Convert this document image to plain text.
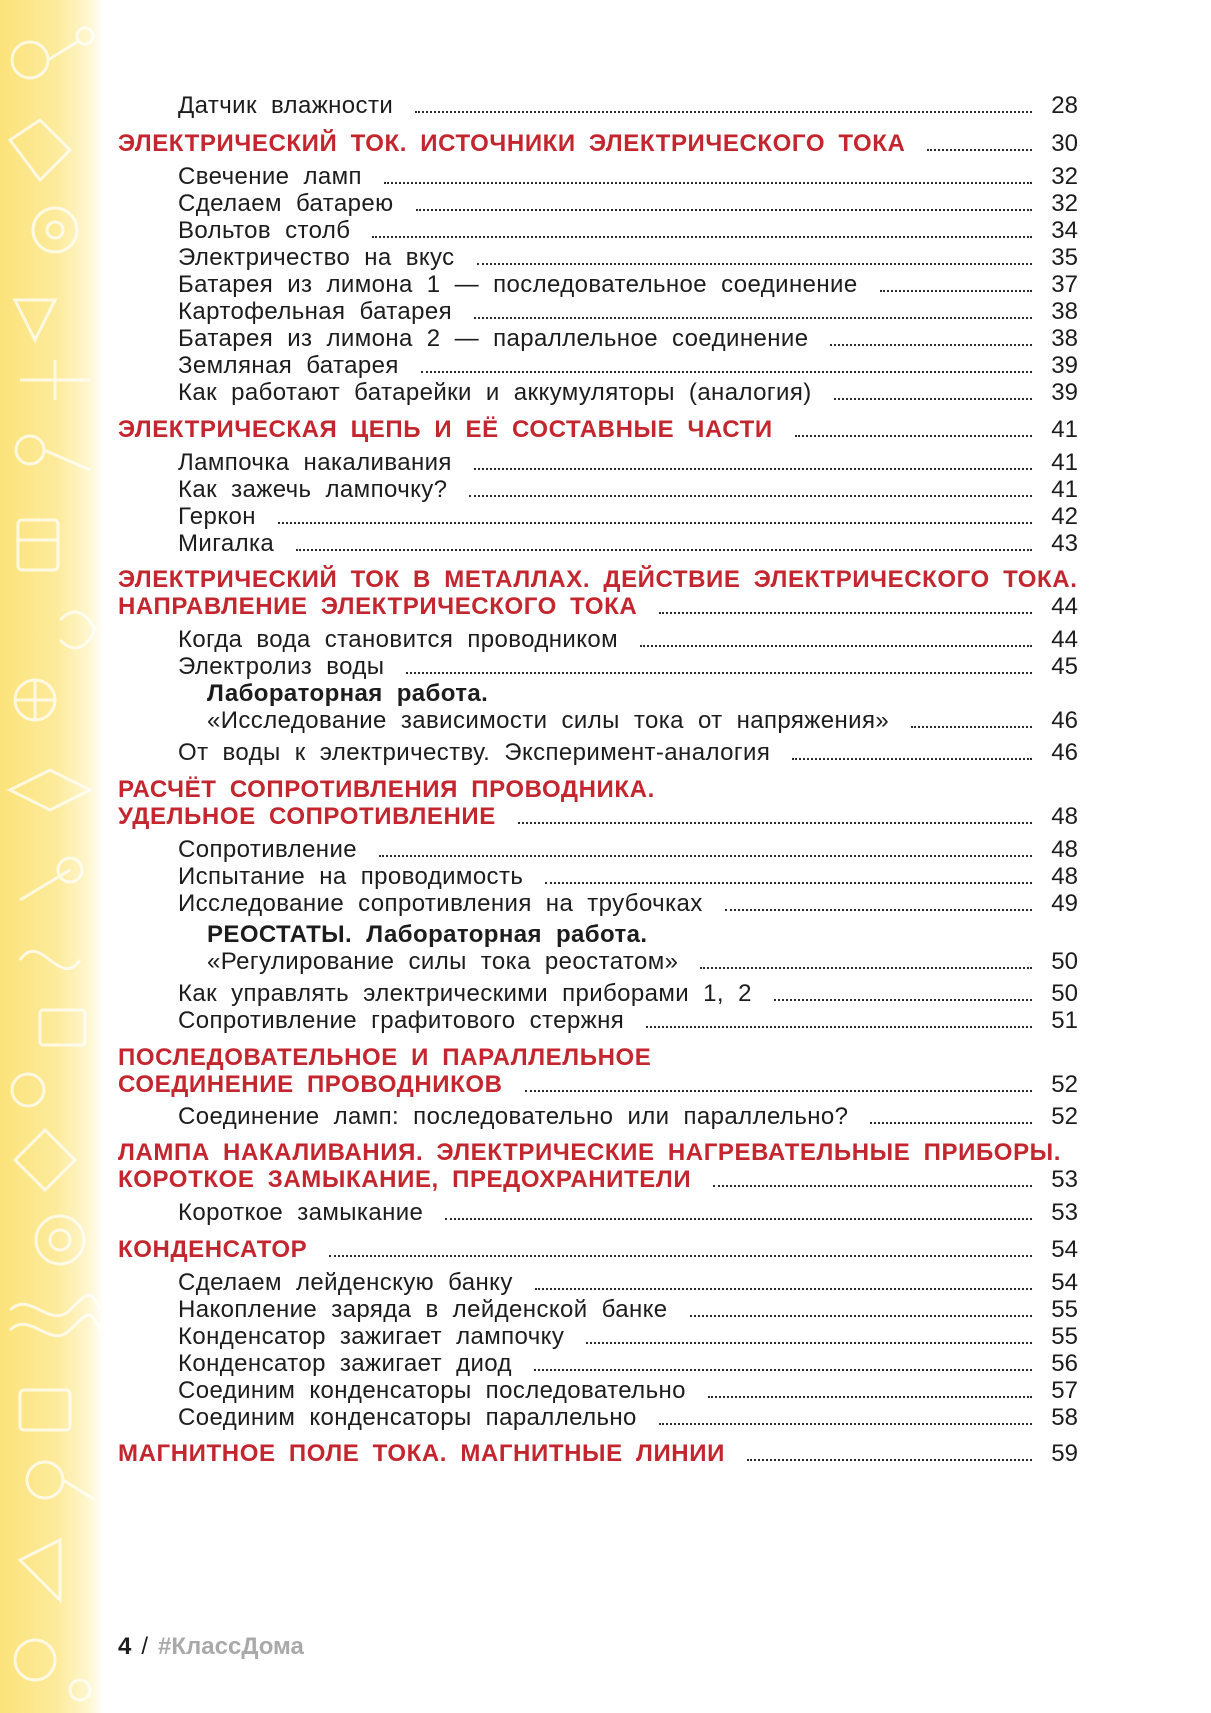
Датчик влажности	28
ЭЛЕКТРИЧЕСКИЙ ТОК. ИСТОЧНИКИ ЭЛЕКТРИЧЕСКОГО ТОКА	30
Свечение ламп	32
Сделаем батарею	32
Вольтов столб	34
Электричество на вкус	35
Батарея из лимона 1 — последовательное соединение	37
Картофельная батарея	38
Батарея из лимона 2 — параллельное соединение	38
Земляная батарея	39
Как работают батарейки и аккумуляторы (аналогия)	39
ЭЛЕКТРИЧЕСКАЯ ЦЕПЬ И ЕЁ СОСТАВНЫЕ ЧАСТИ	41
Лампочка накаливания	41
Как зажечь лампочку?	41
Геркон	42
Мигалка	43
ЭЛЕКТРИЧЕСКИЙ ТОК В МЕТАЛЛАХ. ДЕЙСТВИЕ ЭЛЕКТРИЧЕСКОГО ТОКА.
НАПРАВЛЕНИЕ ЭЛЕКТРИЧЕСКОГО ТОКА	44
Когда вода становится проводником	44
Электролиз воды	45
Лабораторная работа.
«Исследование зависимости силы тока от напряжения»	46
От воды к электричеству. Эксперимент-аналогия	46
РАСЧЁТ СОПРОТИВЛЕНИЯ ПРОВОДНИКА.
УДЕЛЬНОЕ СОПРОТИВЛЕНИЕ	48
Сопротивление	48
Испытание на проводимость	48
Исследование сопротивления на трубочках	49
РЕОСТАТЫ. Лабораторная работа.
«Регулирование силы тока реостатом»	50
Как управлять электрическими приборами 1, 2	50
Сопротивление графитового стержня	51
ПОСЛЕДОВАТЕЛЬНОЕ И ПАРАЛЛЕЛЬНОЕ
СОЕДИНЕНИЕ ПРОВОДНИКОВ	52
Соединение ламп: последовательно или параллельно?	52
ЛАМПА НАКАЛИВАНИЯ. ЭЛЕКТРИЧЕСКИЕ НАГРЕВАТЕЛЬНЫЕ ПРИБОРЫ.
КОРОТКОЕ ЗАМЫКАНИЕ, ПРЕДОХРАНИТЕЛИ	53
Короткое замыкание	53
КОНДЕНСАТОР	54
Сделаем лейденскую банку	54
Накопление заряда в лейденской банке	55
Конденсатор зажигает лампочку	55
Конденсатор зажигает диод	56
Соединим конденсаторы последовательно	57
Соединим конденсаторы параллельно	58
МАГНИТНОЕ ПОЛЕ ТОКА. МАГНИТНЫЕ ЛИНИИ	59
4 / #КлассДома
